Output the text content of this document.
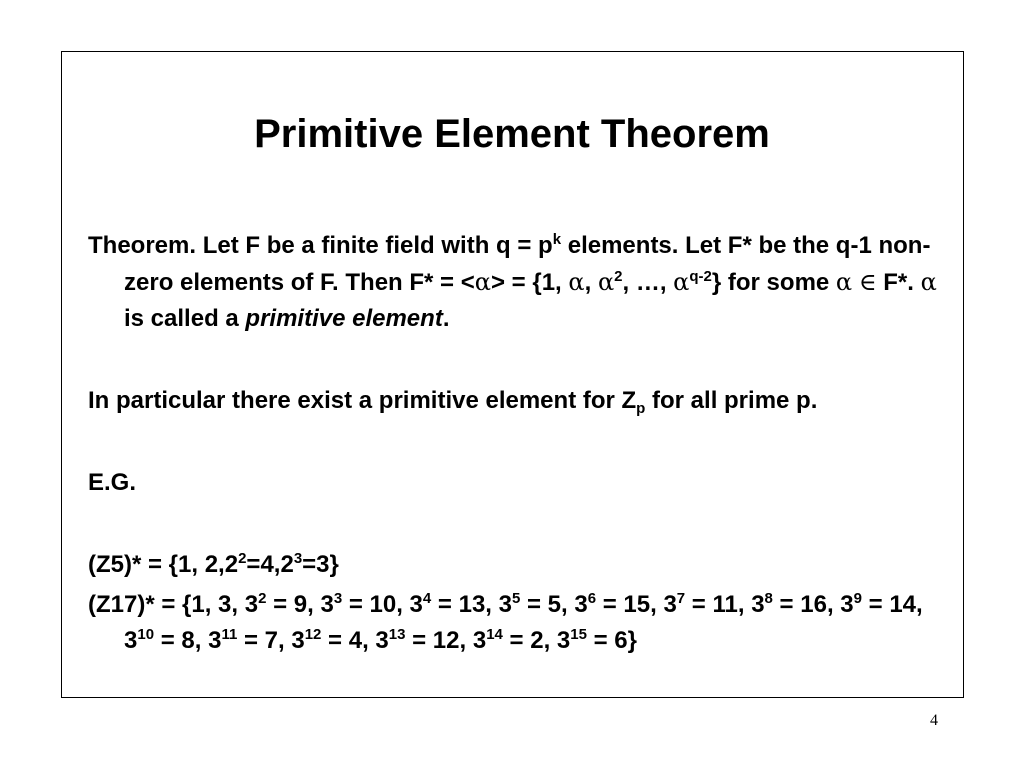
Primitive Element Theorem

Theorem. Let F be a finite field with $q = p^k$ elements. Let F* be the q-1 non-zero elements of F. Then F* = <α> = {1, α, $\alpha^2$, …, $\alpha^{q-2}$} for some α ∈ F*. α is called a primitive element.

In particular there exist a primitive element for $Z_p$ for all prime p.

E.G.

(Z5)* = {1, $2,2^2=4,2^3=3$}

(Z17)* = {1, 3, $3^2 = 9$, $3^3 = 10$, $3^4 = 13$, $3^5 = 5$, $3^6 = 15$, $3^7 = 11$, $3^8 = 16$, $3^9 = 14$, $3^{10} = 8$, $3^{11} = 7$, $3^{12} = 4$, $3^{13} = 12$, $3^{14} = 2$, $3^{15} = 6$}

4
